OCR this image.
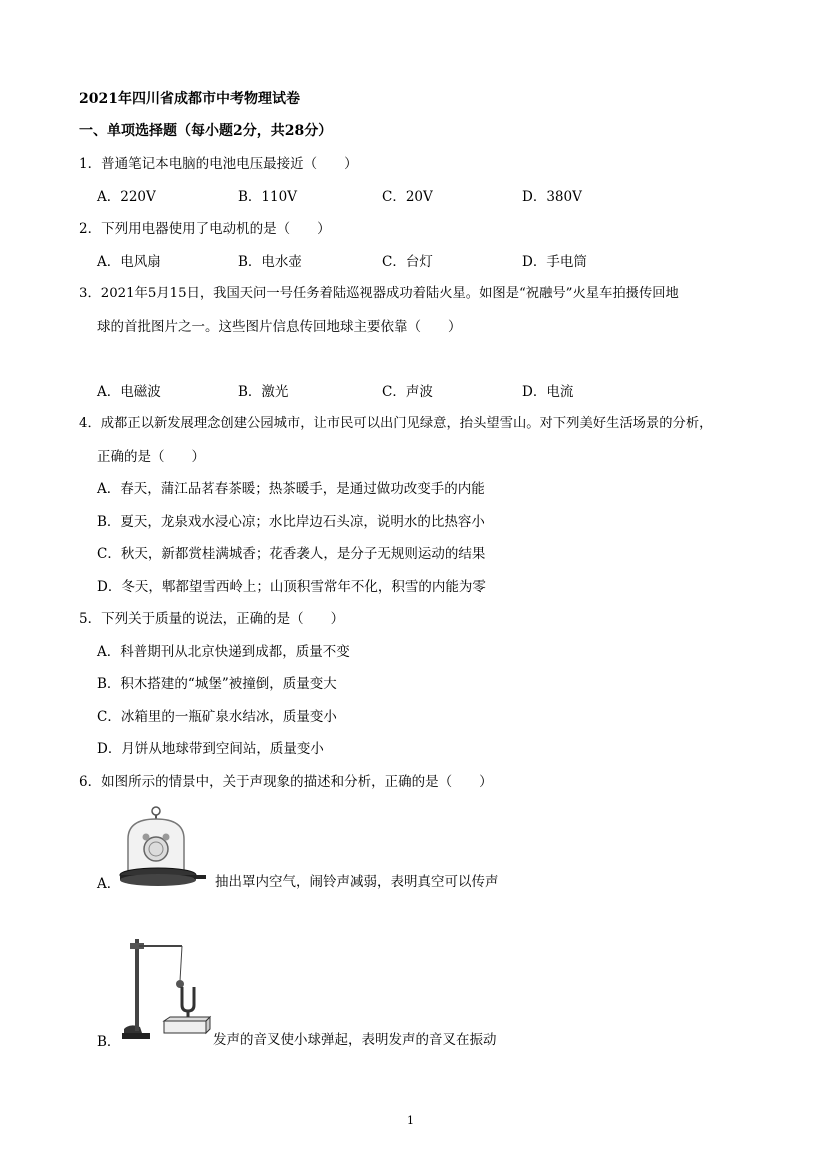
2021年四川省成都市中考物理试卷
一、单项选择题（每小题2分，共28分）
1．普通笔记本电脑的电池电压最接近（　　）
A．220V	B．110V	C．20V	D．380V
2．下列用电器使用了电动机的是（　　）
A．电风扇	B．电水壶	C．台灯	D．手电筒
3．2021年5月15日，我国天问一号任务着陆巡视器成功着陆火星。如图是“祝融号”火星车拍摄传回地
球的首批图片之一。这些图片信息传回地球主要依靠（　　）
A．电磁波	B．激光	C．声波	D．电流
4．成都正以新发展理念创建公园城市，让市民可以出门见绿意，抬头望雪山。对下列美好生活场景的分析，
正确的是（　　）
A．春天，蒲江品茗春茶暖；热茶暖手，是通过做功改变手的内能
B．夏天，龙泉戏水浸心凉；水比岸边石头凉，说明水的比热容小
C．秋天，新都赏桂满城香；花香袭人，是分子无规则运动的结果
D．冬天，郫都望雪西岭上；山顶积雪常年不化，积雪的内能为零
5．下列关于质量的说法，正确的是（　　）
A．科普期刊从北京快递到成都，质量不变
B．积木搭建的“城堡”被撞倒，质量变大
C．冰箱里的一瓶矿泉水结冰，质量变小
D．月饼从地球带到空间站，质量变小
6．如图所示的情景中，关于声现象的描述和分析，正确的是（　　）
A．	抽出罩内空气，闹铃声减弱，表明真空可以传声
B．	发声的音叉使小球弹起，表明发声的音叉在振动
1
